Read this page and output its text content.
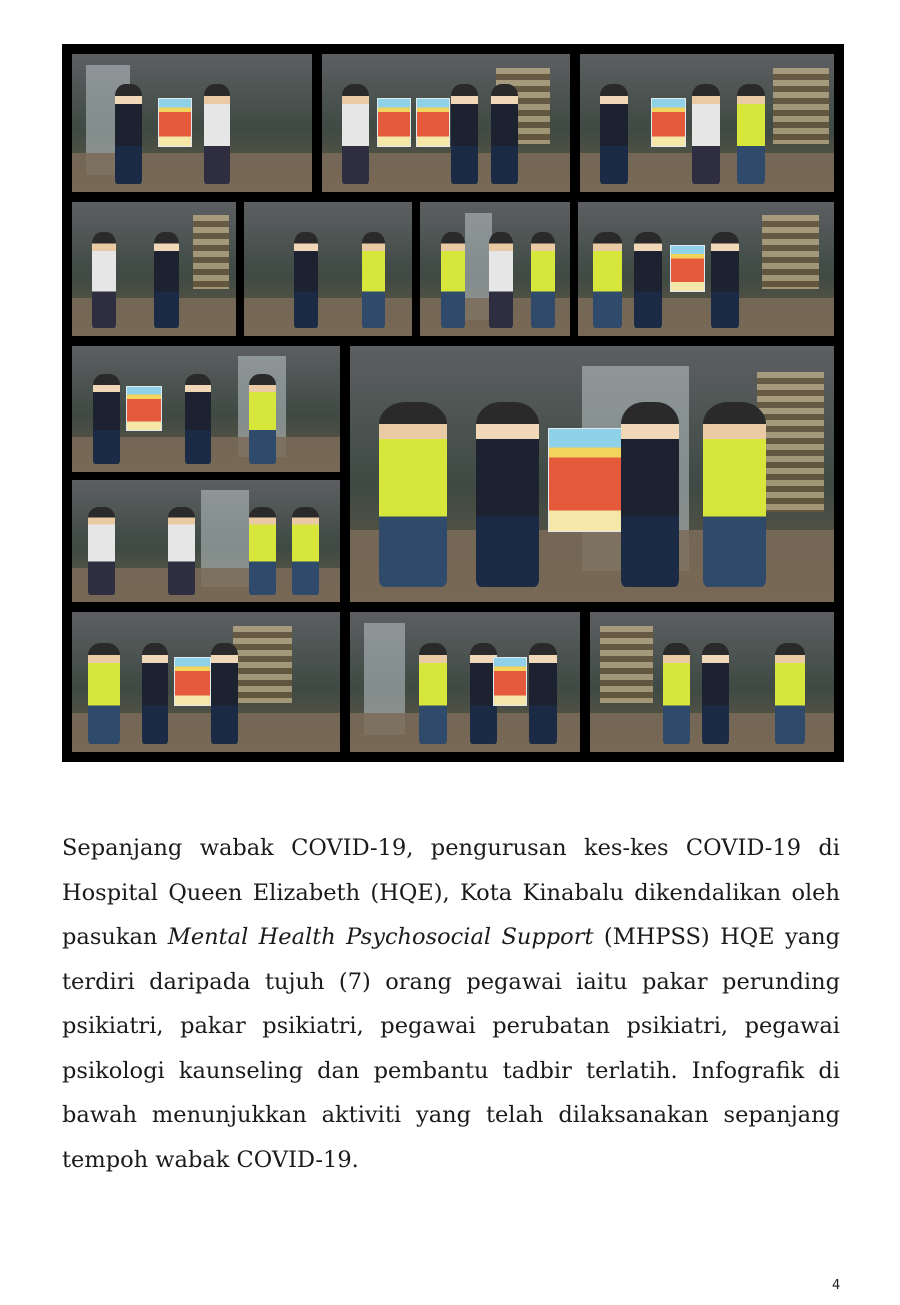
Sepanjang wabak COVID-19, pengurusan kes-kes COVID-19 di Hospital Queen Elizabeth (HQE), Kota Kinabalu dikendalikan oleh pasukan Mental Health Psychosocial Support (MHPSS) HQE yang terdiri daripada tujuh (7) orang pegawai iaitu pakar perunding psikiatri, pakar psikiatri, pegawai perubatan psikiatri, pegawai psikologi kaunseling dan pembantu tadbir terlatih. Infografik di bawah menunjukkan aktiviti yang telah dilaksanakan sepanjang tempoh wabak COVID-19.

4
